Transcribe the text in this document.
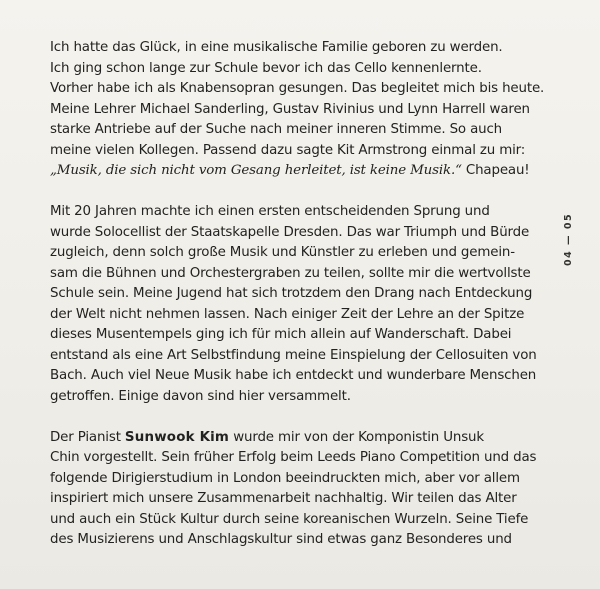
Ich hatte das Glück, in eine musikalische Familie geboren zu werden.
Ich ging schon lange zur Schule bevor ich das Cello kennenlernte.
Vorher habe ich als Knabensopran gesungen. Das begleitet mich bis heute.
Meine Lehrer Michael Sanderling, Gustav Rivinius und Lynn Harrell waren
starke Antriebe auf der Suche nach meiner inneren Stimme. So auch
meine vielen Kollegen. Passend dazu sagte Kit Armstrong einmal zu mir:
„Musik, die sich nicht vom Gesang herleitet, ist keine Musik.“ Chapeau!

Mit 20 Jahren machte ich einen ersten entscheidenden Sprung und
wurde Solocellist der Staatskapelle Dresden. Das war Triumph und Bürde
zugleich, denn solch große Musik und Künstler zu erleben und gemein-
sam die Bühnen und Orchestergraben zu teilen, sollte mir die wertvollste
Schule sein. Meine Jugend hat sich trotzdem den Drang nach Entdeckung
der Welt nicht nehmen lassen. Nach einiger Zeit der Lehre an der Spitze
dieses Musentempels ging ich für mich allein auf Wanderschaft. Dabei
entstand als eine Art Selbstfindung meine Einspielung der Cellosuiten von
Bach. Auch viel Neue Musik habe ich entdeckt und wunderbare Menschen
getroffen. Einige davon sind hier versammelt.

Der Pianist Sunwook Kim wurde mir von der Komponistin Unsuk
Chin vorgestellt. Sein früher Erfolg beim Leeds Piano Competition und das
folgende Dirigierstudium in London beeindruckten mich, aber vor allem
inspiriert mich unsere Zusammenarbeit nachhaltig. Wir teilen das Alter
und auch ein Stück Kultur durch seine koreanischen Wurzeln. Seine Tiefe
des Musizierens und Anschlagskultur sind etwas ganz Besonderes und

04 — 05
